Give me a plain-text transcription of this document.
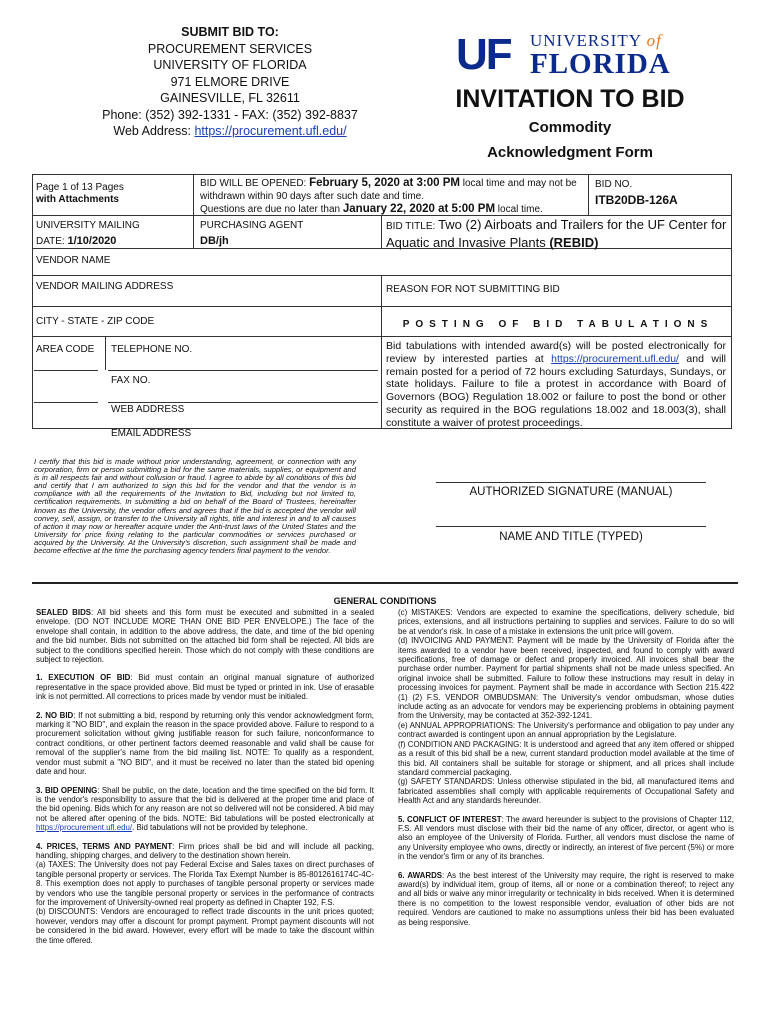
SUBMIT BID TO:
PROCUREMENT SERVICES
UNIVERSITY OF FLORIDA
971 ELMORE DRIVE
GAINESVILLE, FL 32611
Phone: (352) 392-1331 - FAX: (352) 392-8837
Web Address: https://procurement.ufl.edu/
UF UNIVERSITY of
FLORIDA
INVITATION TO BID
Commodity
Acknowledgment Form
Page 1 of 13 Pages
with Attachments
BID WILL BE OPENED: February 5, 2020 at 3:00 PM local time and may not be withdrawn within 90 days after such date and time.
Questions are due no later than January 22, 2020 at 5:00 PM local time.
BID NO.
ITB20DB-126A
UNIVERSITY MAILING
DATE: 1/10/2020
PURCHASING AGENT
DB/jh
BID TITLE: Two (2) Airboats and Trailers for the UF Center for Aquatic and Invasive Plants (REBID)
VENDOR NAME
VENDOR MAILING ADDRESS	REASON FOR NOT SUBMITTING BID
CITY - STATE - ZIP CODE	POSTING OF BID TABULATIONS
AREA CODE TELEPHONE NO.
FAX NO.
WEB ADDRESS
EMAIL ADDRESS
Bid tabulations with intended award(s) will be posted electronically for review by interested parties at https://procurement.ufl.edu/ and will remain posted for a period of 72 hours excluding Saturdays, Sundays, or state holidays. Failure to file a protest in accordance with Board of Governors (BOG) Regulation 18.002 or failure to post the bond or other security as required in the BOG regulations 18.002 and 18.003(3), shall constitute a waiver of protest proceedings.
I certify that this bid is made without prior understanding, agreement, or connection with any corporation, firm or person submitting a bid for the same materials, supplies, or equipment and is in all respects fair and without collusion or fraud. I agree to abide by all conditions of this bid and certify that I am authorized to sign this bid for the vendor and that the vendor is in compliance with all the requirements of the Invitation to Bid, including but not limited to, certification requirements. In submitting a bid on behalf of the Board of Trustees, hereinafter known as the University, the vendor offers and agrees that if the bid is accepted the vendor will convey, sell, assign, or transfer to the University all rights, title and interest in and to all causes of action it may now or hereafter acquire under the Anti-trust laws of the United States and the University for price fixing relating to the particular commodities or services purchased or acquired by the University. At the University's discretion, such assignment shall be made and become effective at the time the purchasing agency tenders final payment to the vendor.
AUTHORIZED SIGNATURE (MANUAL)
NAME AND TITLE (TYPED)
GENERAL CONDITIONS

SEALED BIDS: All bid sheets and this form must be executed and submitted in a sealed envelope. (DO NOT INCLUDE MORE THAN ONE BID PER ENVELOPE.) The face of the envelope shall contain, in addition to the above address, the date, and time of the bid opening and the bid number. Bids not submitted on the attached bid form shall be rejected. All bids are subject to the conditions specified herein. Those which do not comply with these conditions are subject to rejection.

1. EXECUTION OF BID: Bid must contain an original manual signature of authorized representative in the space provided above. Bid must be typed or printed in ink. Use of erasable ink is not permitted. All corrections to prices made by vendor must be initialed.

2. NO BID: If not submitting a bid, respond by returning only this vendor acknowledgment form, marking it "NO BID", and explain the reason in the space provided above. Failure to respond to a procurement solicitation without giving justifiable reason for such failure, nonconformance to contract conditions, or other pertinent factors deemed reasonable and valid shall be cause for removal of the supplier's name from the bid mailing list. NOTE: To qualify as a respondent, vendor must submit a "NO BID", and it must be received no later than the stated bid opening date and hour.

3. BID OPENING: Shall be public, on the date, location and the time specified on the bid form. It is the vendor's responsibility to assure that the bid is delivered at the proper time and place of the bid opening. Bids which for any reason are not so delivered will not be considered. A bid may not be altered after opening of the bids. NOTE: Bid tabulations will be posted electronically at https://procurement.ufl.edu/. Bid tabulations will not be provided by telephone.

4. PRICES, TERMS AND PAYMENT: Firm prices shall be bid and will include all packing, handling, shipping charges, and delivery to the destination shown herein.

(a) TAXES: The University does not pay Federal Excise and Sales taxes on direct purchases of tangible personal property or services. The Florida Tax Exempt Number is 85-8012616174C-4C-8. This exemption does not apply to purchases of tangible personal property or services made by vendors who use the tangible personal property or services in the performance of contracts for the improvement of University-owned real property as defined in Chapter 192, F.S.

(b) DISCOUNTS: Vendors are encouraged to reflect trade discounts in the unit prices quoted; however, vendors may offer a discount for prompt payment. Prompt payment discounts will not be considered in the bid award. However, every effort will be made to take the discount within the time offered.

(c) MISTAKES: Vendors are expected to examine the specifications, delivery schedule, bid prices, extensions, and all instructions pertaining to supplies and services. Failure to do so will be at vendor's risk. In case of a mistake in extensions the unit price will govern.

(d) INVOICING AND PAYMENT: Payment will be made by the University of Florida after the items awarded to a vendor have been received, inspected, and found to comply with award specifications, free of damage or defect and properly invoiced. All invoices shall bear the purchase order number. Payment for partial shipments shall not be made unless specified. An original invoice shall be submitted. Failure to follow these instructions may result in delay in processing invoices for payment. Payment shall be made in accordance with Section 215.422 (1) (2) F.S. VENDOR OMBUDSMAN: The University's vendor ombudsman, whose duties include acting as an advocate for vendors may be experiencing problems in obtaining payment from the University, may be contacted at 352-392-1241.

(e) ANNUAL APPROPRIATIONS: The University's performance and obligation to pay under any contract awarded is contingent upon an annual appropriation by the Legislature.

(f) CONDITION AND PACKAGING: It is understood and agreed that any item offered or shipped as a result of this bid shall be a new, current standard production model available at the time of this bid. All containers shall be suitable for storage or shipment, and all prices shall include standard commercial packaging.

(g) SAFETY STANDARDS: Unless otherwise stipulated in the bid, all manufactured items and fabricated assemblies shall comply with applicable requirements of Occupational Safety and Health Act and any standards hereunder.

5. CONFLICT OF INTEREST: The award hereunder is subject to the provisions of Chapter 112, F.S. All vendors must disclose with their bid the name of any officer, director, or agent who is also an employee of the University of Florida. Further, all vendors must disclose the name of any University employee who owns, directly or indirectly, an interest of five percent (5%) or more in the vendor's firm or any of its branches.

6. AWARDS: As the best interest of the University may require, the right is reserved to make award(s) by individual item, group of items, all or none or a combination thereof; to reject any and all bids or waive any minor irregularity or technicality in bids received. When it is determined there is no competition to the lowest responsible vendor, evaluation of other bids are not required. Vendors are cautioned to make no assumptions unless their bid has been evaluated as being responsive.
